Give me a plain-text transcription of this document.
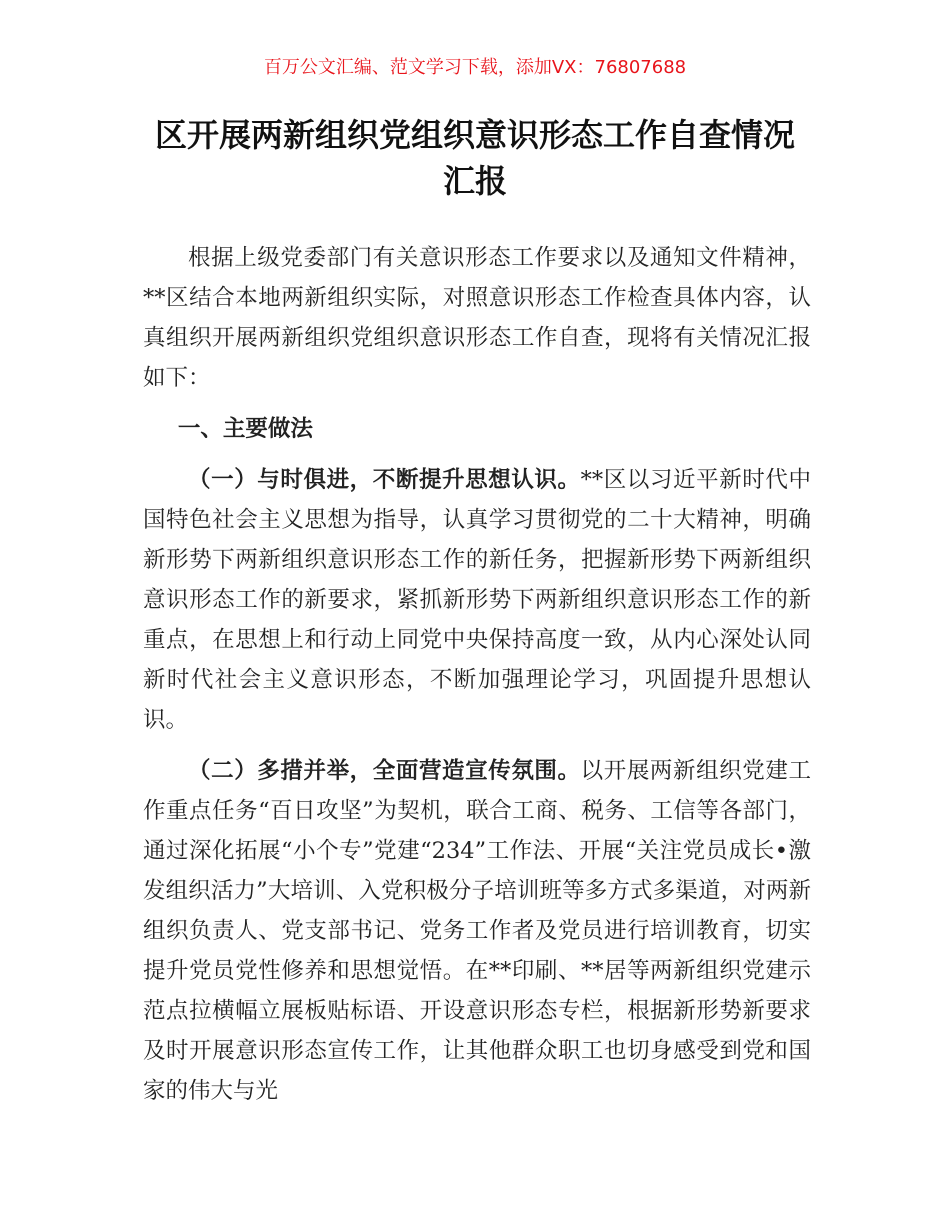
百万公文汇编、范文学习下载，添加VX：76807688
区开展两新组织党组织意识形态工作自查情况汇报

根据上级党委部门有关意识形态工作要求以及通知文件精神，**区结合本地两新组织实际，对照意识形态工作检查具体内容，认真组织开展两新组织党组织意识形态工作自查，现将有关情况汇报如下：

一、主要做法

（一）与时俱进，不断提升思想认识。**区以习近平新时代中国特色社会主义思想为指导，认真学习贯彻党的二十大精神，明确新形势下两新组织意识形态工作的新任务，把握新形势下两新组织意识形态工作的新要求，紧抓新形势下两新组织意识形态工作的新重点，在思想上和行动上同党中央保持高度一致，从内心深处认同新时代社会主义意识形态，不断加强理论学习，巩固提升思想认识。

（二）多措并举，全面营造宣传氛围。以开展两新组织党建工作重点任务“百日攻坚”为契机，联合工商、税务、工信等各部门，通过深化拓展“小个专”党建“234”工作法、开展“关注党员成长•激发组织活力”大培训、入党积极分子培训班等多方式多渠道，对两新组织负责人、党支部书记、党务工作者及党员进行培训教育，切实提升党员党性修养和思想觉悟。在**印刷、**居等两新组织党建示范点拉横幅立展板贴标语、开设意识形态专栏，根据新形势新要求及时开展意识形态宣传工作，让其他群众职工也切身感受到党和国家的伟大与光
